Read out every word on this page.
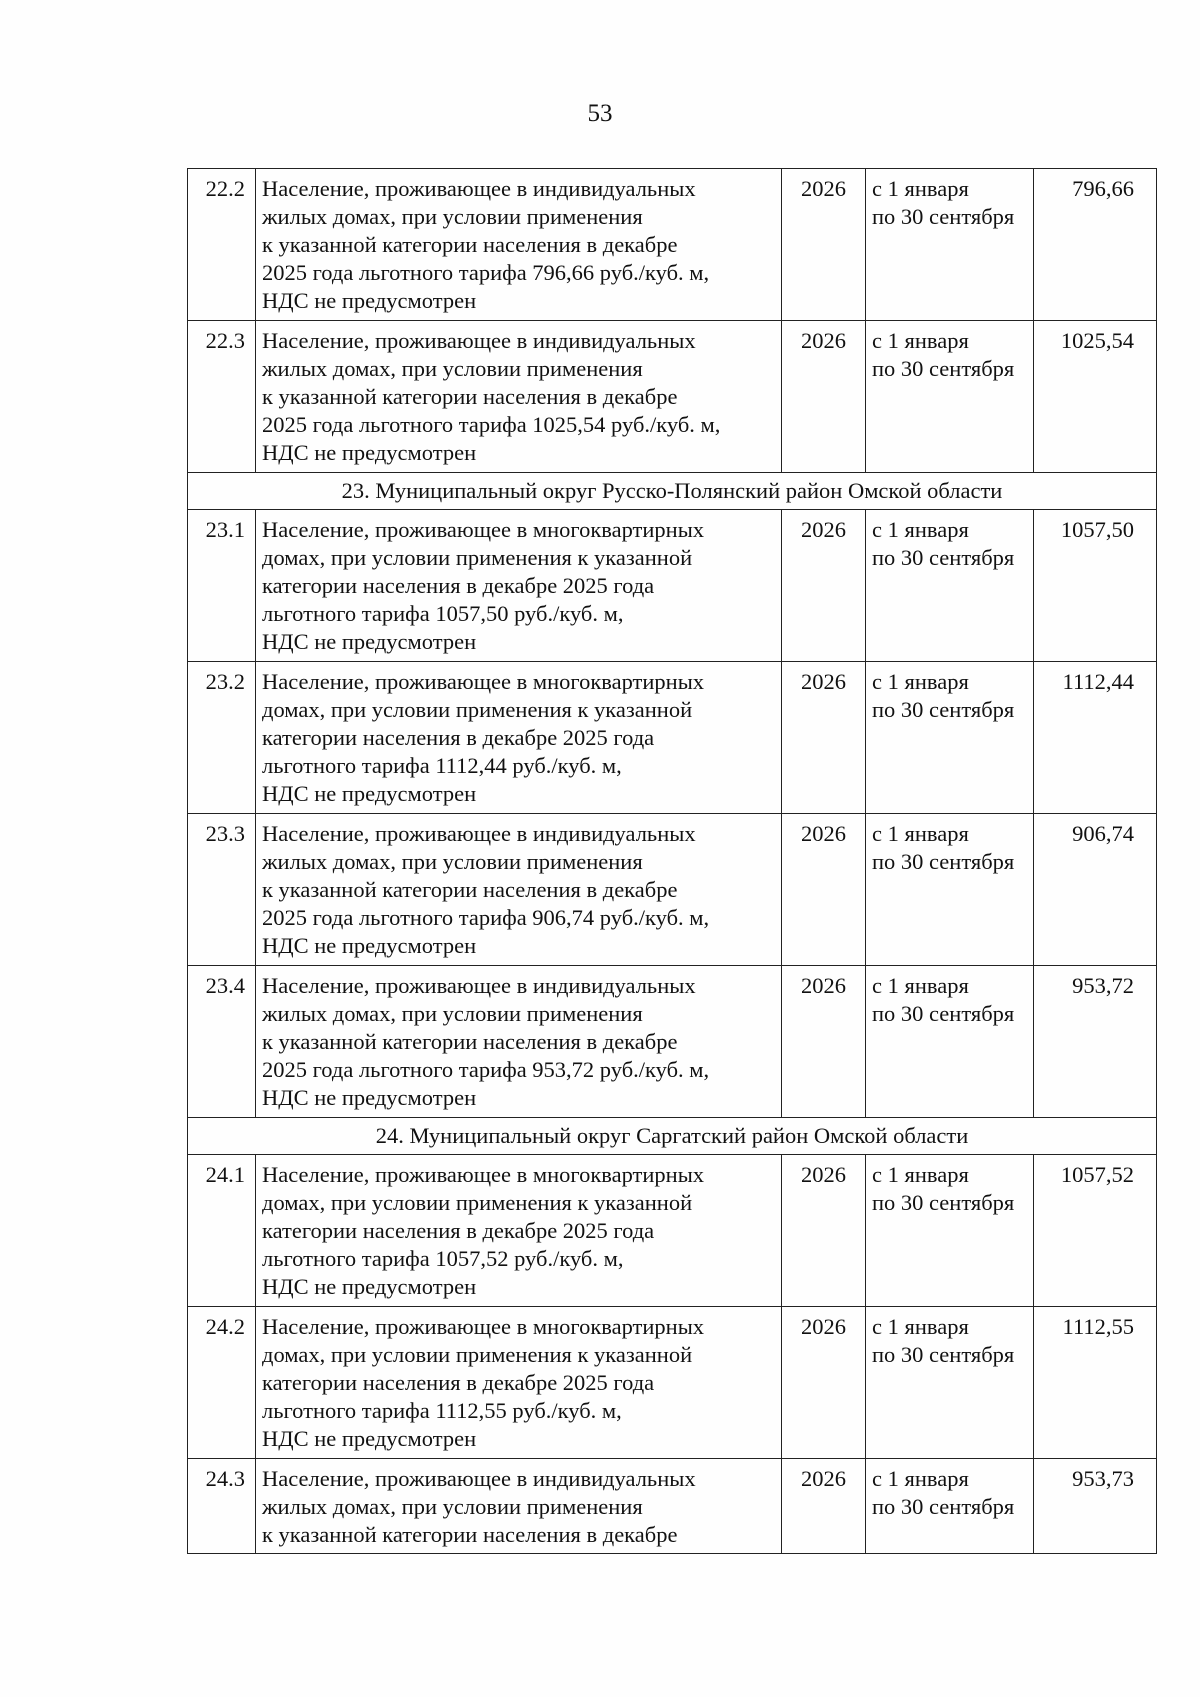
53
22.2	Население, проживающее в индивидуальных
жилых домах, при условии применения
к указанной категории населения в декабре
2025 года льготного тарифа 796,66 руб./куб. м,
НДС не предусмотрен	2026	с 1 января
по 30 сентября	796,66
22.3	Население, проживающее в индивидуальных
жилых домах, при условии применения
к указанной категории населения в декабре
2025 года льготного тарифа 1025,54 руб./куб. м,
НДС не предусмотрен	2026	с 1 января
по 30 сентября	1025,54
23. Муниципальный округ Русско-Полянский район Омской области				
23.1	Население, проживающее в многоквартирных
домах, при условии применения к указанной
категории населения в декабре 2025 года
льготного тарифа 1057,50 руб./куб. м,
НДС не предусмотрен	2026	с 1 января
по 30 сентября	1057,50
23.2	Население, проживающее в многоквартирных
домах, при условии применения к указанной
категории населения в декабре 2025 года
льготного тарифа 1112,44 руб./куб. м,
НДС не предусмотрен	2026	с 1 января
по 30 сентября	1112,44
23.3	Население, проживающее в индивидуальных
жилых домах, при условии применения
к указанной категории населения в декабре
2025 года льготного тарифа 906,74 руб./куб. м,
НДС не предусмотрен	2026	с 1 января
по 30 сентября	906,74
23.4	Население, проживающее в индивидуальных
жилых домах, при условии применения
к указанной категории населения в декабре
2025 года льготного тарифа 953,72 руб./куб. м,
НДС не предусмотрен	2026	с 1 января
по 30 сентября	953,72
24. Муниципальный округ Саргатский район Омской области				
24.1	Население, проживающее в многоквартирных
домах, при условии применения к указанной
категории населения в декабре 2025 года
льготного тарифа 1057,52 руб./куб. м,
НДС не предусмотрен	2026	с 1 января
по 30 сентября	1057,52
24.2	Население, проживающее в многоквартирных
домах, при условии применения к указанной
категории населения в декабре 2025 года
льготного тарифа 1112,55 руб./куб. м,
НДС не предусмотрен	2026	с 1 января
по 30 сентября	1112,55
24.3	Население, проживающее в индивидуальных
жилых домах, при условии применения
к указанной категории населения в декабре	2026	с 1 января
по 30 сентября	953,73
